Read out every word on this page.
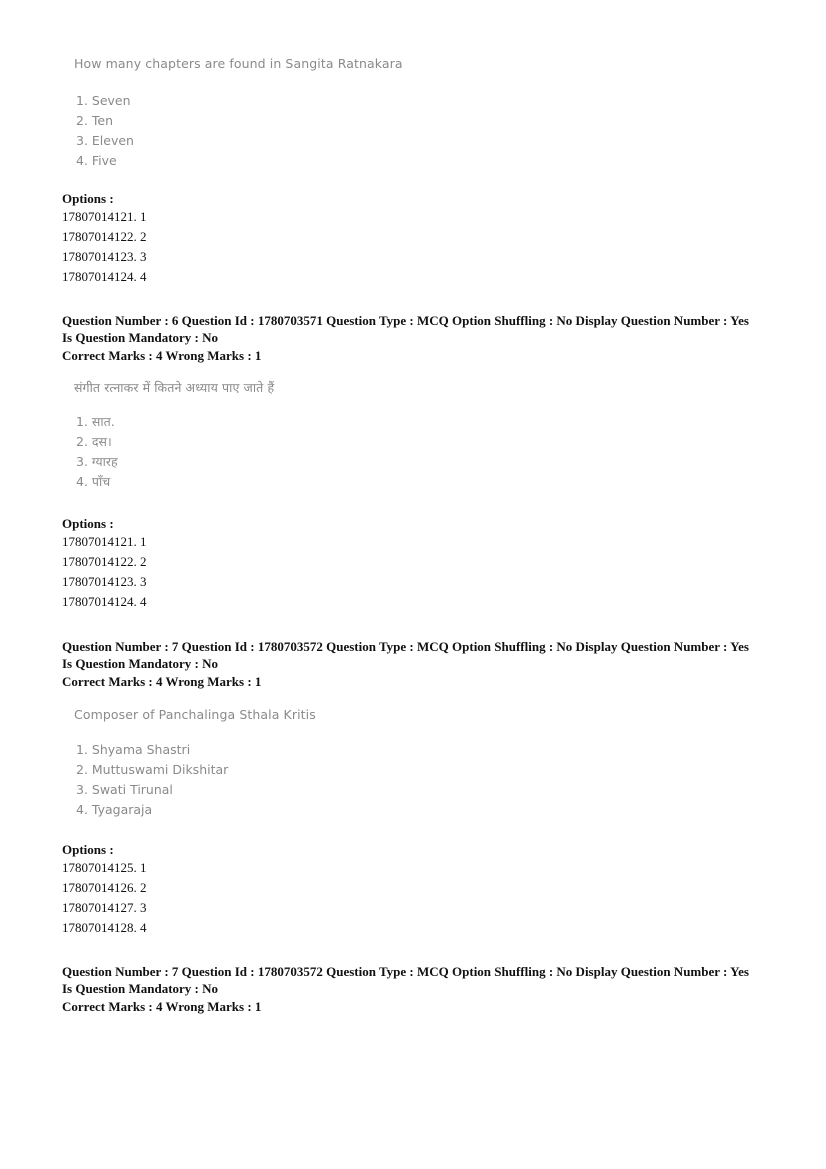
How many chapters are found in Sangita Ratnakara
1. Seven
2. Ten
3. Eleven
4. Five
Options :
17807014121. 1
17807014122. 2
17807014123. 3
17807014124. 4
Question Number : 6 Question Id : 1780703571 Question Type : MCQ Option Shuffling : No Display Question Number : Yes
Is Question Mandatory : No
Correct Marks : 4 Wrong Marks : 1
संगीत रत्नाकर में कितने अध्याय पाए जाते हैं
1. सात.
2. दस।
3. ग्यारह
4. पाँच
Options :
17807014121. 1
17807014122. 2
17807014123. 3
17807014124. 4
Question Number : 7 Question Id : 1780703572 Question Type : MCQ Option Shuffling : No Display Question Number : Yes
Is Question Mandatory : No
Correct Marks : 4 Wrong Marks : 1
Composer of Panchalinga Sthala Kritis
1. Shyama Shastri
2. Muttuswami Dikshitar
3. Swati Tirunal
4. Tyagaraja
Options :
17807014125. 1
17807014126. 2
17807014127. 3
17807014128. 4
Question Number : 7 Question Id : 1780703572 Question Type : MCQ Option Shuffling : No Display Question Number : Yes
Is Question Mandatory : No
Correct Marks : 4 Wrong Marks : 1
